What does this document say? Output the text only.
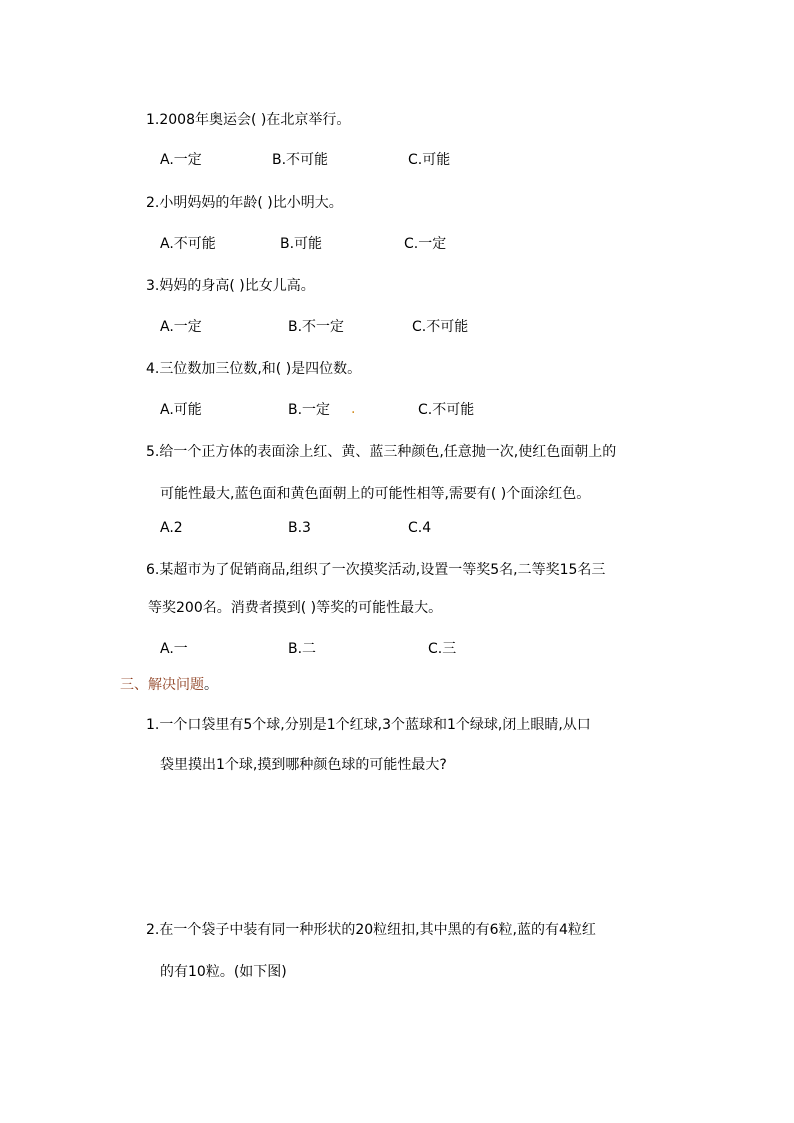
1.2008年奥运会( )在北京举行。
A.一定	B.不可能	C.可能
2.小明妈妈的年龄( )比小明大。
A.不可能	B.可能	C.一定
3.妈妈的身高( )比女儿高。
A.一定	B.不一定	C.不可能
4.三位数加三位数,和( )是四位数。
A.可能	B.一定 .	C.不可能
5.给一个正方体的表面涂上红、黄、蓝三种颜色,任意抛一次,使红色面朝上的
可能性最大,蓝色面和黄色面朝上的可能性相等,需要有( )个面涂红色。
A.2	B.3	C.4
6.某超市为了促销商品,组织了一次摸奖活动,设置一等奖5名,二等奖15名三
等奖200名。消费者摸到( )等奖的可能性最大。
A.一	B.二	C.三
三、解决问题。
1.一个口袋里有5个球,分别是1个红球,3个蓝球和1个绿球,闭上眼睛,从口
袋里摸出1个球,摸到哪种颜色球的可能性最大?
2.在一个袋子中装有同一种形状的20粒纽扣,其中黑的有6粒,蓝的有4粒红
的有10粒。(如下图)
